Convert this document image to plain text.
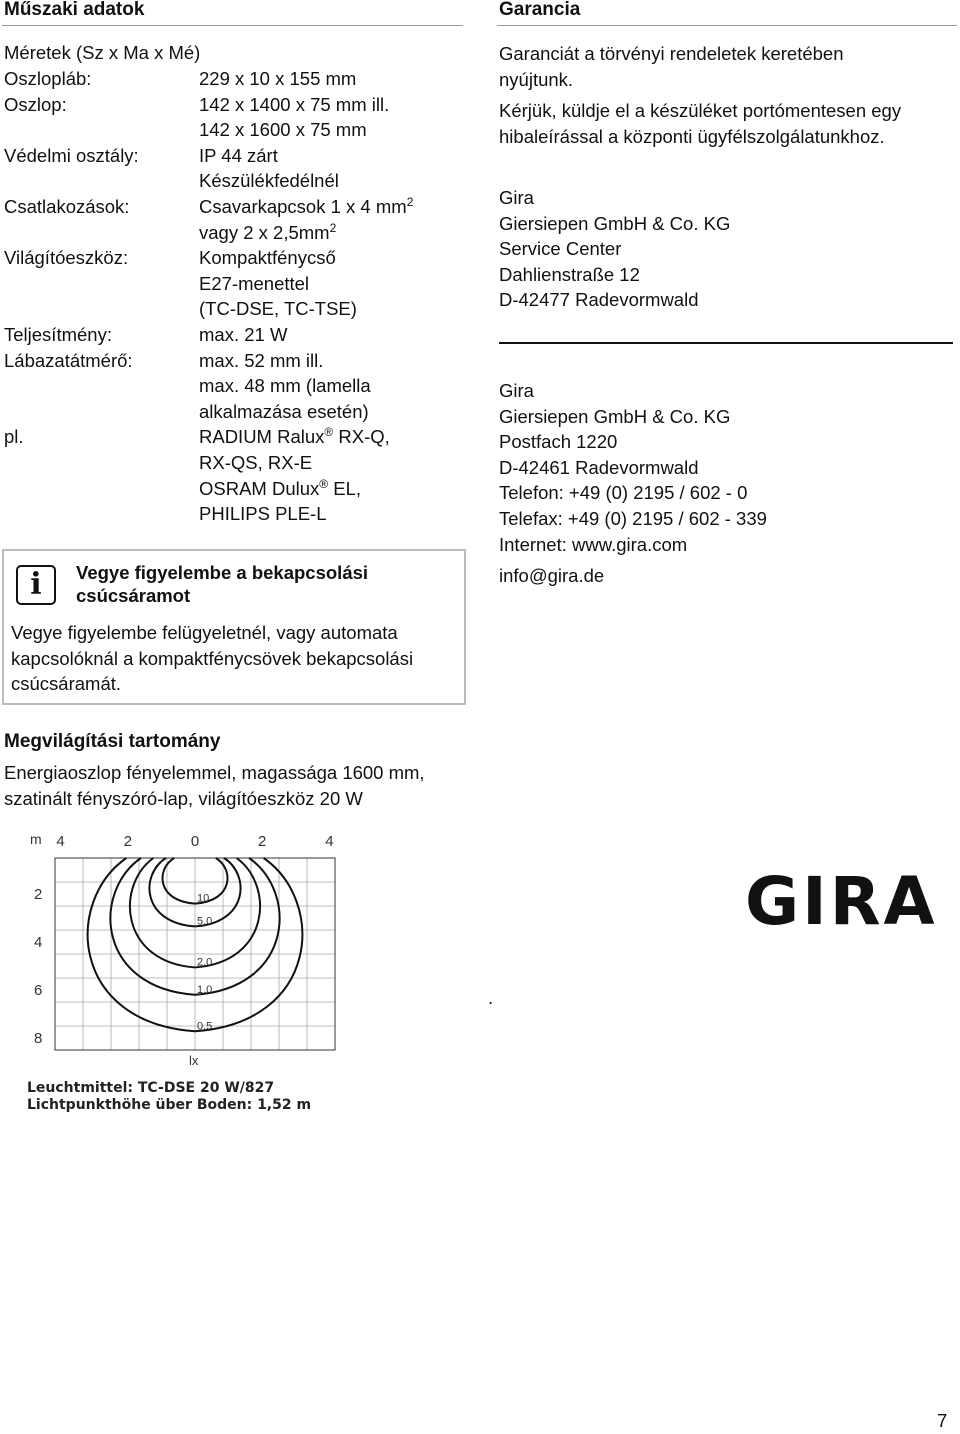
Műszaki adatok
Méretek (Sz x Ma x Mé)
Oszlopláb:	229 x 10 x 155 mm
Oszlop:	142 x 1400 x 75 mm ill.
142 x 1600 x 75 mm
Védelmi osztály:	IP 44 zárt
Készülékfedélnél
Csatlakozások:	Csavarkapcsok 1 x 4 $mm^2$
vagy 2 x $2,5mm^2$
Világítóeszköz:	Kompaktfénycső
E27-menettel
(TC-DSE, TC-TSE)
Teljesítmény:	max. 21 W
Lábazatátmérő:	max. 52 mm ill.
max. 48 mm (lamella
alkalmazása esetén)
pl.	RADIUM Ralux® RX-Q,
RX-QS, RX-E
OSRAM Dulux® EL,
PHILIPS PLE-L
i	Vegye figyelembe a bekapcsolási
csúcsáramot
Vegye figyelembe felügyeletnél, vagy automata
kapcsolóknál a kompaktfénycsövek bekapcsolási
csúcsáramát.
Megvilágítási tartomány
Energiaoszlop fényelemmel, magassága 1600 mm,
szatinált fényszóró-lap, világítóeszköz 20 W
m 4	2	0	2	4
2
4
6
8
10
5,0
2,0
1,0
0,5
lx
Leuchtmittel: TC-DSE 20 W/827
Lichtpunkthöhe über Boden: 1,52 m
Garancia
Garanciát a törvényi rendeletek keretében
nyújtunk.
Kérjük, küldje el a készüléket portómentesen egy
hibaleírással a központi ügyfélszolgálatunkhoz.

Gira

Giersiepen GmbH & Co. KG

Service Center

Dahlienstraße 12

D-42477 Radevormwald

Gira

Giersiepen GmbH & Co. KG

Postfach 1220

D-42461 Radevormwald

Telefon: +49 (0) 2195 / 602 - 0

Telefax: +49 (0) 2195 / 602 - 339

Internet: www.gira.com

info@gira.de
GIRA
.
7
